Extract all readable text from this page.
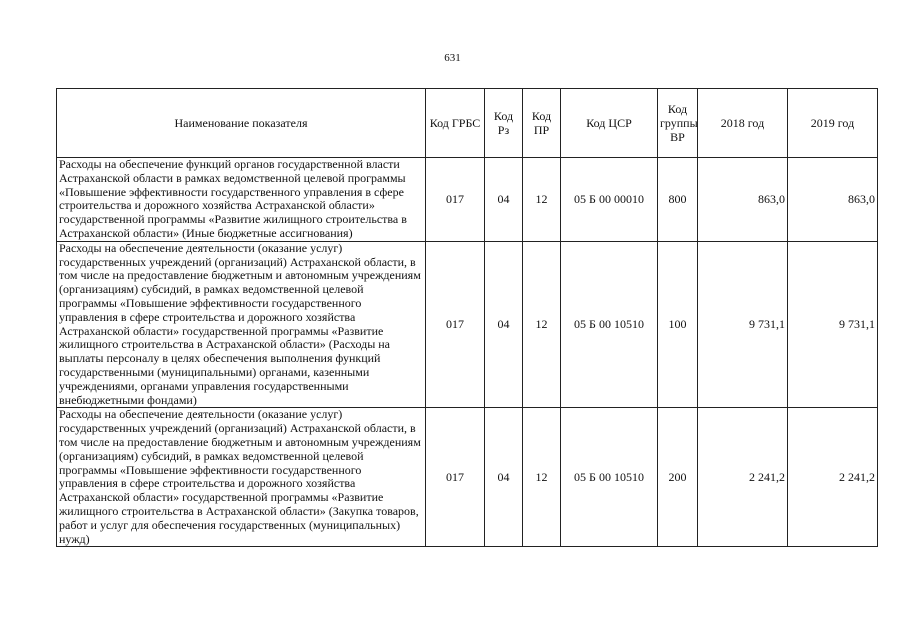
631
Наименование показателя	Код ГРБС	Код Рз	Код ПР	Код ЦСР	Код группы ВР	2018 год	2019 год
Расходы на обеспечение функций органов государственной власти Астраханской области в рамках ведомственной целевой программы «Повышение эффективности государственного управления в сфере строительства и дорожного хозяйства Астраханской области» государственной программы «Развитие жилищного строительства в Астраханской области» (Иные бюджетные ассигнования)	017	04	12	05 Б 00 00010	800	863,0	863,0
Расходы на обеспечение деятельности (оказание услуг) государственных учреждений (организаций) Астраханской области, в том числе на предоставление бюджетным и автономным учреждениям (организациям) субсидий, в рамках ведомственной целевой программы «Повышение эффективности государственного управления в сфере строительства и дорожного хозяйства Астраханской области» государственной программы «Развитие жилищного строительства в Астраханской области» (Расходы на выплаты персоналу в целях обеспечения выполнения функций государственными (муниципальными) органами, казенными учреждениями, органами управления государственными внебюджетными фондами)	017	04	12	05 Б 00 10510	100	9 731,1	9 731,1
Расходы на обеспечение деятельности (оказание услуг) государственных учреждений (организаций) Астраханской области, в том числе на предоставление бюджетным и автономным учреждениям (организациям) субсидий, в рамках ведомственной целевой программы «Повышение эффективности государственного управления в сфере строительства и дорожного хозяйства Астраханской области» государственной программы «Развитие жилищного строительства в Астраханской области» (Закупка товаров, работ и услуг для обеспечения государственных (муниципальных) нужд)	017	04	12	05 Б 00 10510	200	2 241,2	2 241,2
